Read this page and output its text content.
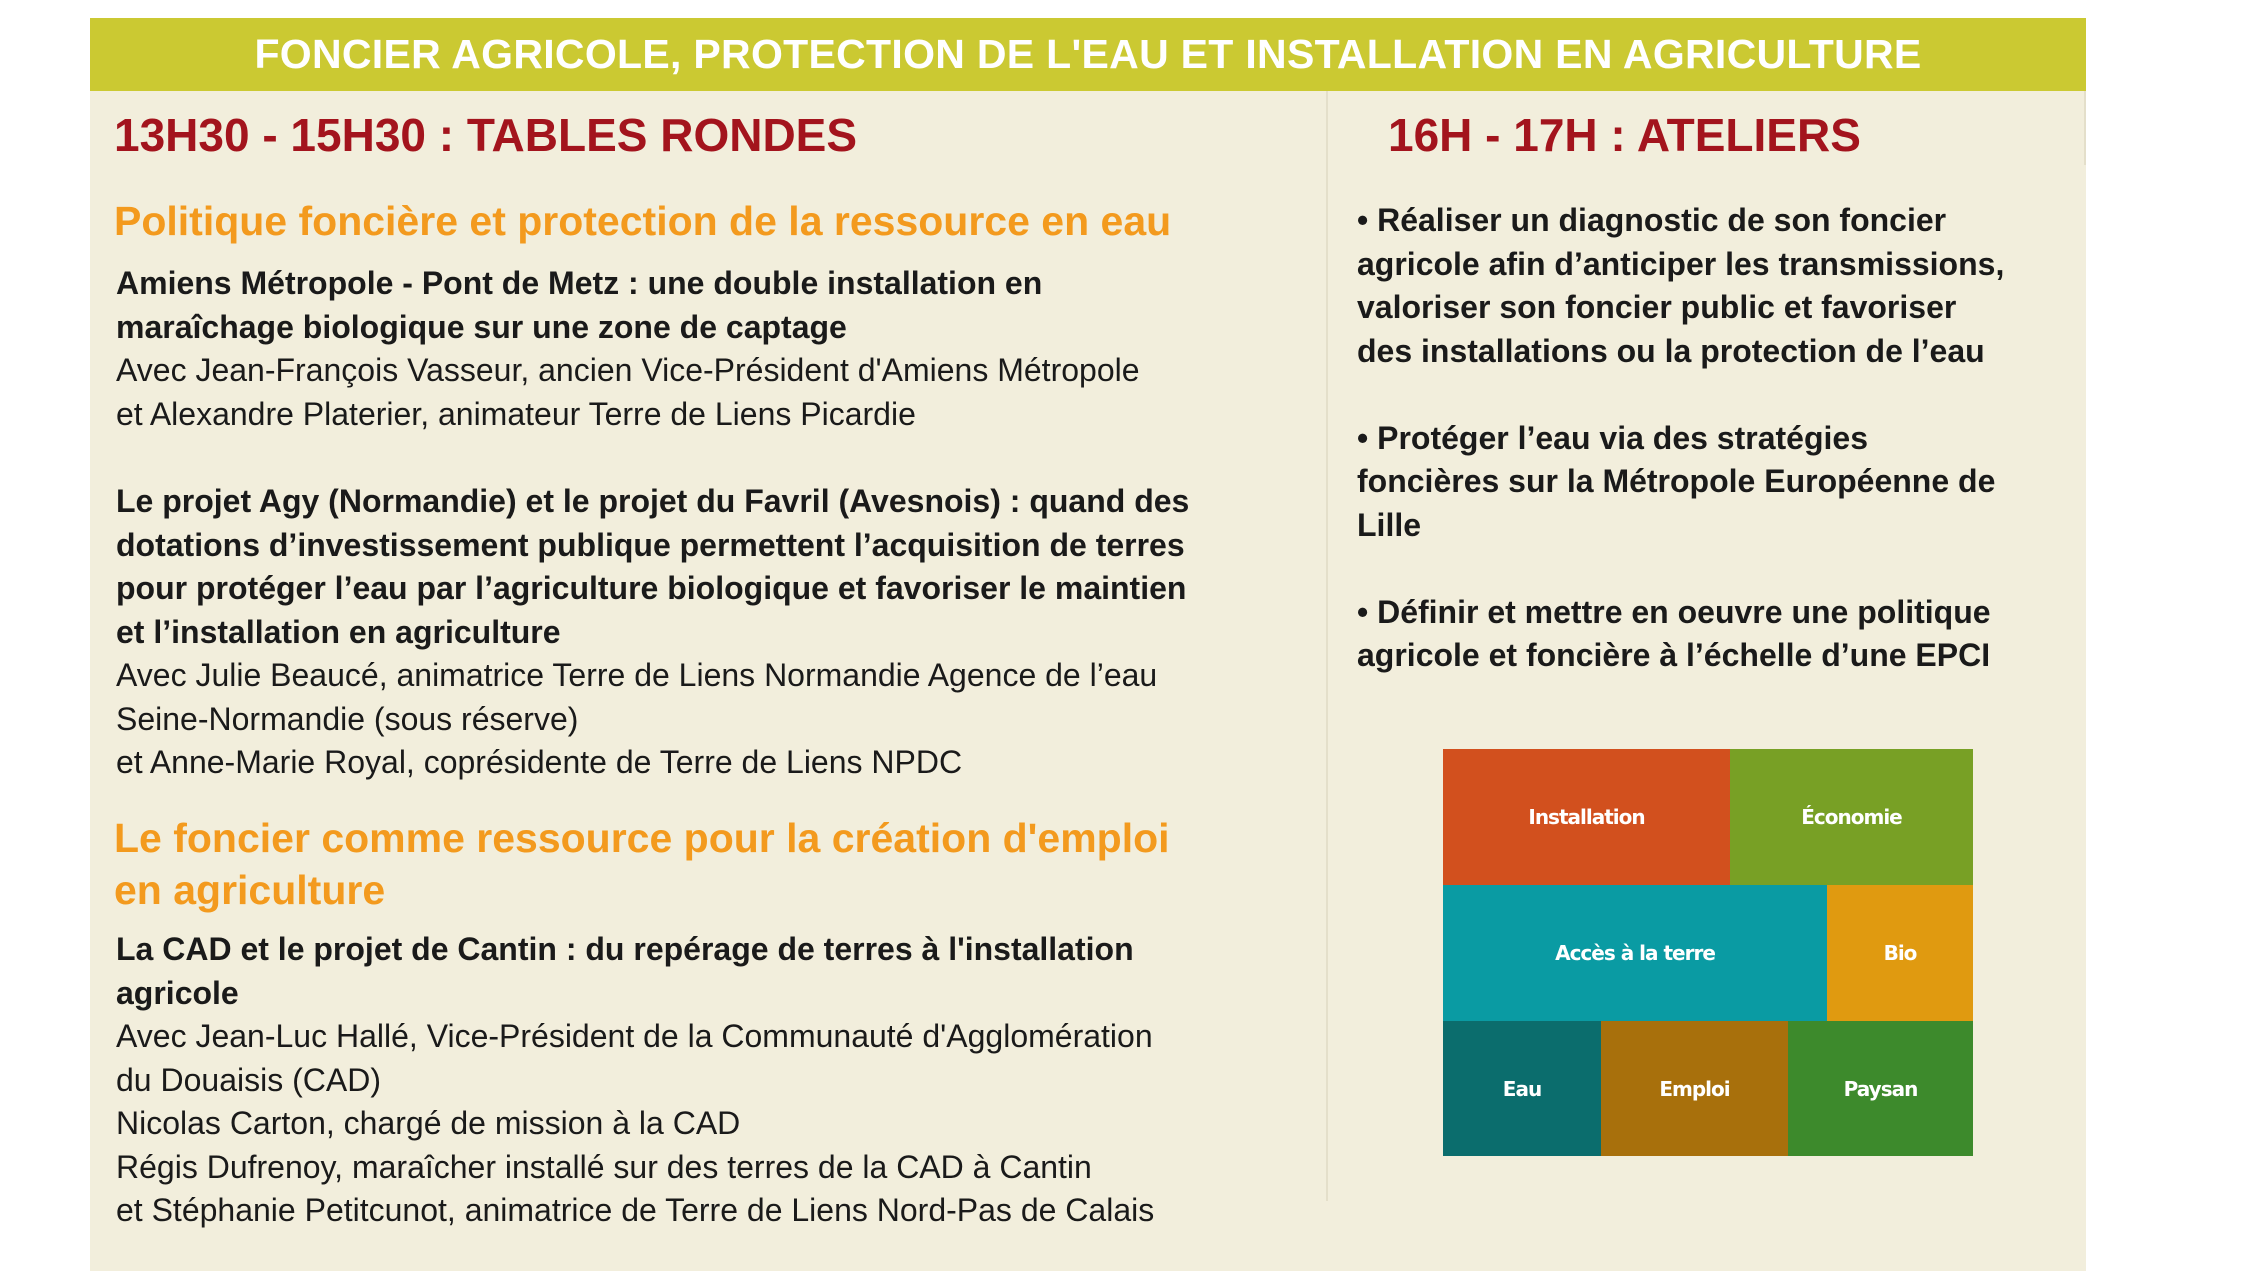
FONCIER AGRICOLE, PROTECTION DE L'EAU ET INSTALLATION EN AGRICULTURE
13H30 - 15H30 : TABLES RONDES
Politique foncière et protection de la ressource en eau
Amiens Métropole - Pont de Metz : une double installation en
maraîchage biologique sur une zone de captage
Avec Jean-François Vasseur, ancien Vice-Président d'Amiens Métropole
et Alexandre Platerier, animateur Terre de Liens Picardie
Le projet Agy (Normandie) et le projet du Favril (Avesnois) : quand des
dotations d’investissement publique permettent l’acquisition de terres
pour protéger l’eau par l’agriculture biologique et favoriser le maintien
et l’installation en agriculture
Avec Julie Beaucé, animatrice Terre de Liens Normandie Agence de l’eau
Seine-Normandie (sous réserve)
et Anne-Marie Royal, coprésidente de Terre de Liens NPDC
Le foncier comme ressource pour la création d'emploi
en agriculture
La CAD et le projet de Cantin : du repérage de terres à l'installation
agricole
Avec Jean-Luc Hallé, Vice-Président de la Communauté d'Agglomération
du Douaisis (CAD)
Nicolas Carton, chargé de mission à la CAD
Régis Dufrenoy, maraîcher installé sur des terres de la CAD à Cantin
et Stéphanie Petitcunot, animatrice de Terre de Liens Nord-Pas de Calais
16H - 17H : ATELIERS
• Réaliser un diagnostic de son foncier
agricole afin d’anticiper les transmissions,
valoriser son foncier public et favoriser
des installations ou la protection de l’eau
• Protéger l’eau via des stratégies
foncières sur la Métropole Européenne de
Lille
• Définir et mettre en oeuvre une politique
agricole et foncière à l’échelle d’une EPCI
Installation	Économie
Accès à la terre	Bio
Eau	Emploi	Paysan
